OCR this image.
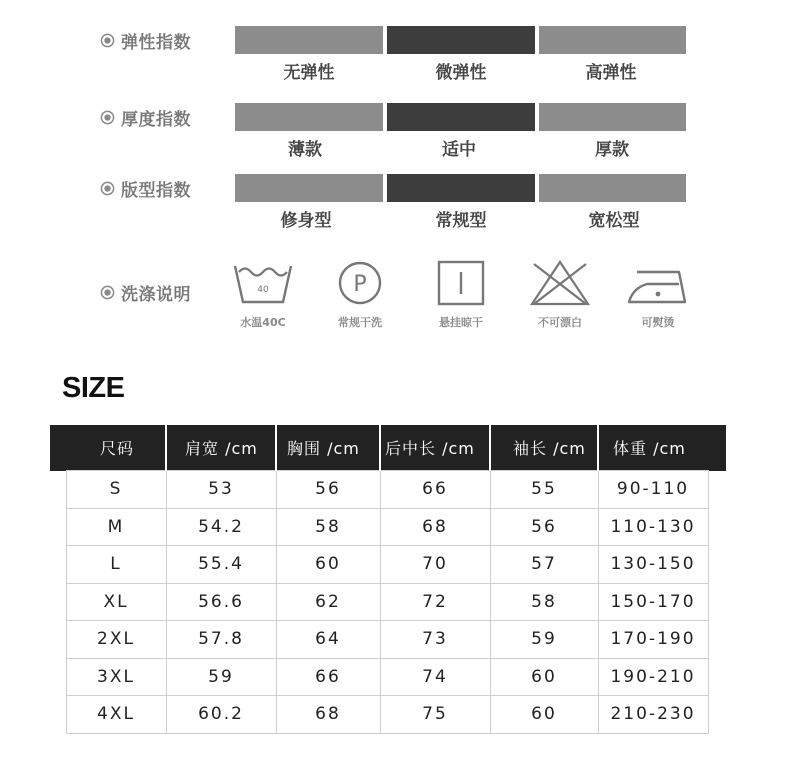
弹性指数
无弹性	微弹性	高弹性
厚度指数
薄款	适中	厚款
版型指数
修身型	常规型	宽松型
洗涤说明	40
水温40C
P
常规干洗	悬挂晾干	不可漂白	可熨烫
SIZE
	尺码	肩宽 /cm	胸围 /cm	后中长 /cm	袖长 /cm	体重 /cm	
	S	53	56	66	55	90-110	
	M	54.2	58	68	56	110-130	
	L	55.4	60	70	57	130-150	
	XL	56.6	62	72	58	150-170	
	2XL	57.8	64	73	59	170-190	
	3XL	59	66	74	60	190-210	
	4XL	60.2	68	75	60	210-230	
